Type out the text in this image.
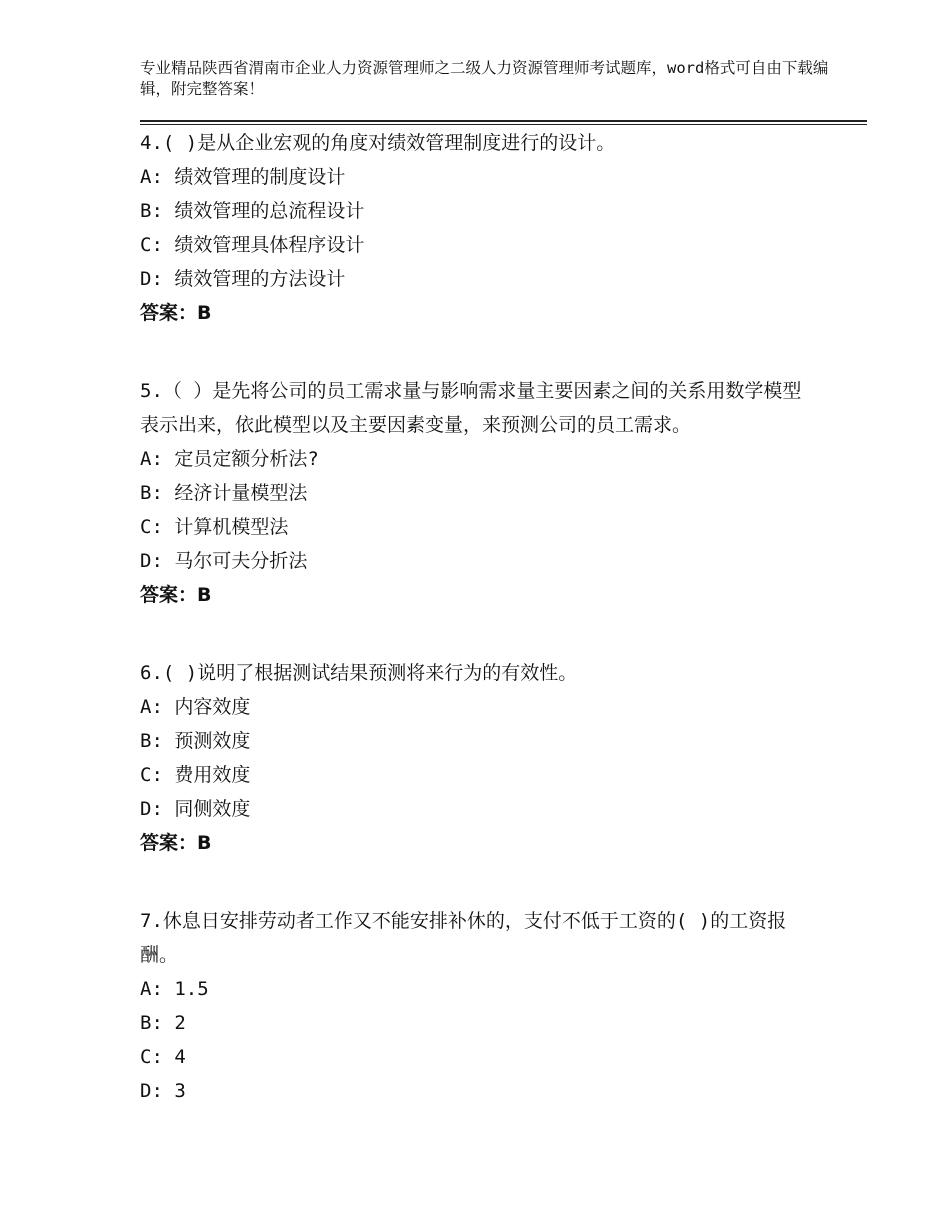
专业精品陕西省渭南市企业人力资源管理师之二级人力资源管理师考试题库，word格式可自由下载编辑，附完整答案！
4.( )是从企业宏观的角度对绩效管理制度进行的设计。
A: 绩效管理的制度设计
B: 绩效管理的总流程设计
C: 绩效管理具体程序设计
D: 绩效管理的方法设计
答案：B
5.（ ）是先将公司的员工需求量与影响需求量主要因素之间的关系用数学模型表示出来，依此模型以及主要因素变量，来预测公司的员工需求。
A: 定员定额分析法?
B: 经济计量模型法
C: 计算机模型法
D: 马尔可夫分折法
答案：B
6.( )说明了根据测试结果预测将来行为的有效性。
A: 内容效度
B: 预测效度
C: 费用效度
D: 同侧效度
答案：B
7.休息日安排劳动者工作又不能安排补休的，支付不低于工资的( )的工资报酬。
A: 1.5
B: 2
C: 4
D: 3
